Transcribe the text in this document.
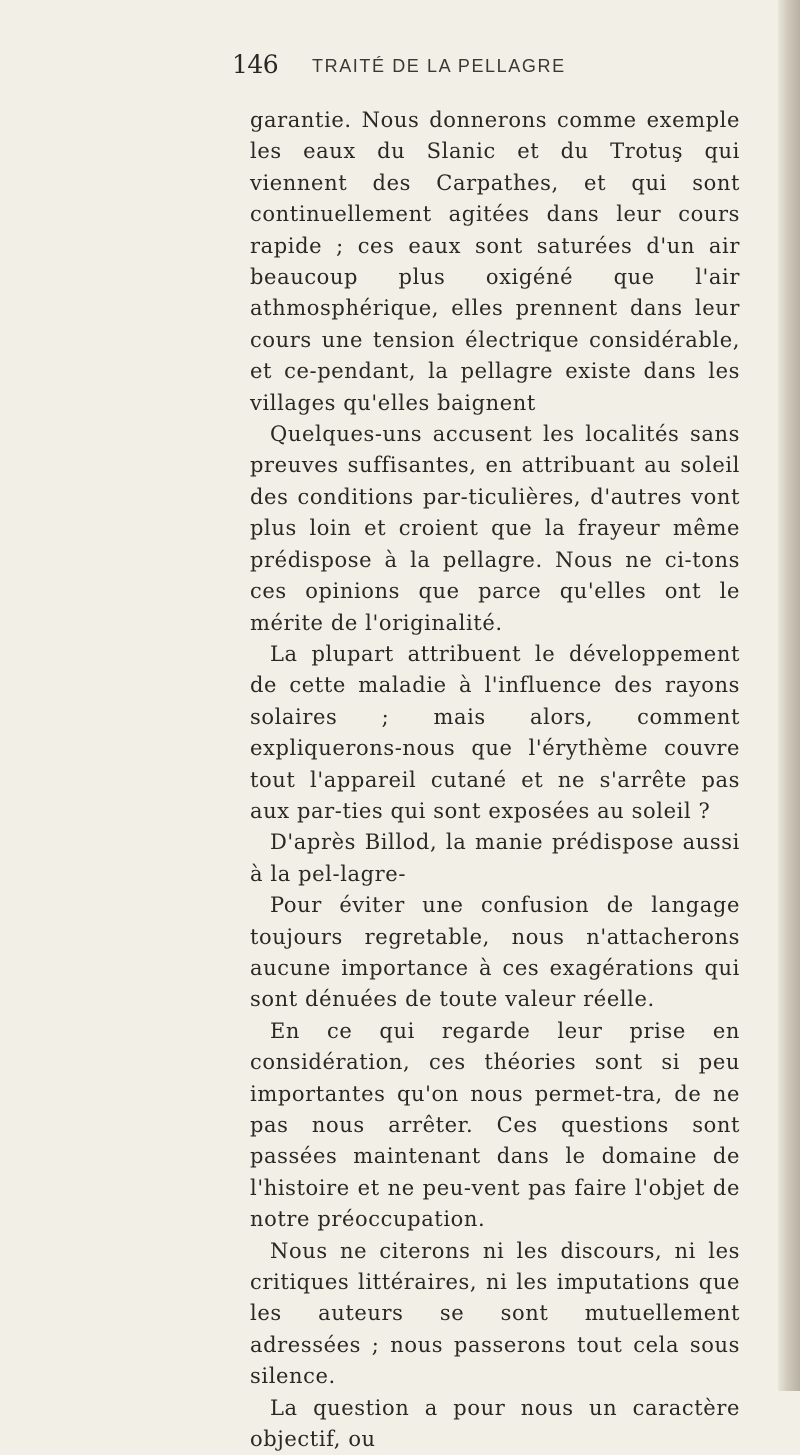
146 TRAITÉ DE LA PELLAGRE

garantie. Nous donnerons comme exemple les eaux du Slanic et du Trotuş qui viennent des Carpathes, et qui sont continuellement agitées dans leur cours rapide ; ces eaux sont saturées d'un air beaucoup plus oxigéné que l'air athmosphérique, elles prennent dans leur cours une tension électrique considérable, et ce-pendant, la pellagre existe dans les villages qu'elles baignent

Quelques-uns accusent les localités sans preuves suffisantes, en attribuant au soleil des conditions par-ticulières, d'autres vont plus loin et croient que la frayeur même prédispose à la pellagre. Nous ne ci-tons ces opinions que parce qu'elles ont le mérite de l'originalité.

La plupart attribuent le développement de cette maladie à l'influence des rayons solaires ; mais alors, comment expliquerons-nous que l'érythème couvre tout l'appareil cutané et ne s'arrête pas aux par-ties qui sont exposées au soleil ?

D'après Billod, la manie prédispose aussi à la pel-lagre-

Pour éviter une confusion de langage toujours regretable, nous n'attacherons aucune importance à ces exagérations qui sont dénuées de toute valeur réelle.

En ce qui regarde leur prise en considération, ces théories sont si peu importantes qu'on nous permet-tra, de ne pas nous arrêter. Ces questions sont passées maintenant dans le domaine de l'histoire et ne peu-vent pas faire l'objet de notre préoccupation.

Nous ne citerons ni les discours, ni les critiques littéraires, ni les imputations que les auteurs se sont mutuellement adressées ; nous passerons tout cela sous silence.

La question a pour nous un caractère objectif, ou
